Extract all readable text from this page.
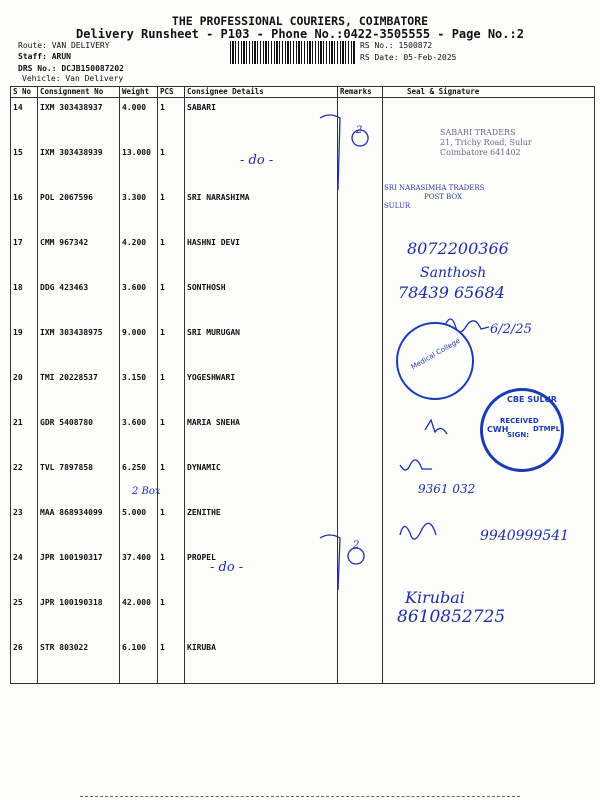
THE PROFESSIONAL COURIERS, COIMBATORE
Delivery Runsheet - P103 - Phone No.:0422-3505555 - Page No.:2
Route: VAN DELIVERY
Staff: ARUN
DRS No.: DCJB150087202
Vehicle: Van Delivery
RS No.: 1500872
RS Date: 05-Feb-2025
S No	Consignment No	Weight	PCS	Consignee Details	Remarks	Seal & Signature
14	IXM 303438937	4.000	1	SABARI		
15	IXM 303438939	13.000	1			
16	POL 2067596	3.300	1	SRI NARASHIMA		
17	CMM 967342	4.200	1	HASHNI DEVI		
18	DDG 423463	3.600	1	SONTHOSH		
19	IXM 303438975	9.000	1	SRI MURUGAN		
20	TMI 20228537	3.150	1	YOGESHWARI		
21	GDR 5408780	3.600	1	MARIA SNEHA		
22	TVL 7897858	6.250	1	DYNAMIC		
23	MAA 868934099	5.000	1	ZENITHE		
24	JPR 100190317	37.400	1	PROPEL		
25	JPR 100190318	42.000	1			
26	STR 803022	6.100	1	KIRUBA		
- do -
2
8072200366
Santhosh
78439 65684
6/2/25
2 Box	9361 032
9940999541
2
- do -
Kirubai
8610852725
SABARI TRADERS
21, Trichy Road, Sulur
Coimbatore 641402
SRI NARASIMHA TRADERS
POST BOX
SULUR
Medical College
CBE SULUR
CWH	DTMPL
RECEIVED
SIGN:
